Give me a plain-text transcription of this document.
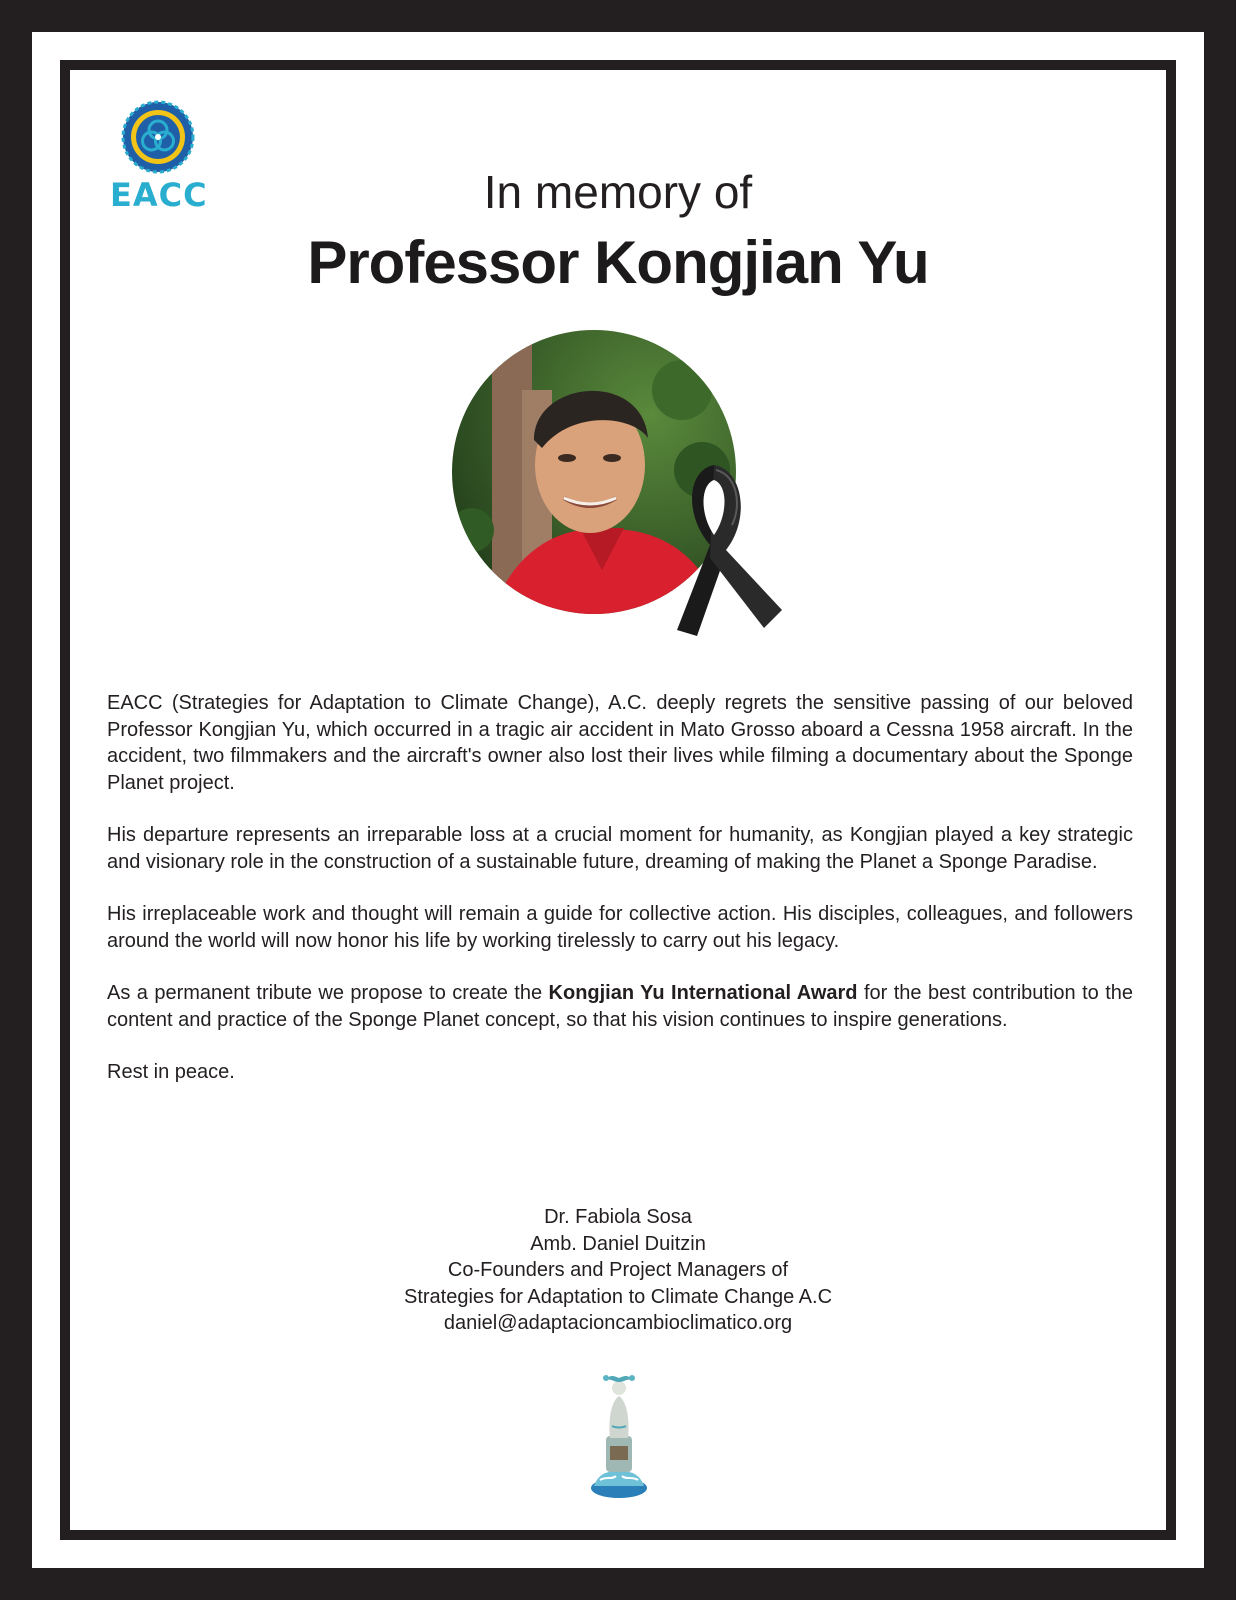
EACC	In memory of
Professor Kongjian Yu

EACC (Strategies for Adaptation to Climate Change), A.C. deeply regrets the sensitive passing of our beloved Professor Kongjian Yu, which occurred in a tragic air accident in Mato Grosso aboard a Cessna 1958 aircraft. In the accident, two filmmakers and the aircraft's owner also lost their lives while filming a documentary about the Sponge Planet project.

His departure represents an irreparable loss at a crucial moment for humanity, as Kongjian played a key strategic and visionary role in the construction of a sustainable future, dreaming of making the Planet a Sponge Paradise.

His irreplaceable work and thought will remain a guide for collective action. His disciples, colleagues, and followers around the world will now honor his life by working tirelessly to carry out his legacy.

As a permanent tribute we propose to create the Kongjian Yu International Award for the best contribution to the content and practice of the Sponge Planet concept, so that his vision continues to inspire generations.

Rest in peace.

Dr. Fabiola Sosa
Amb. Daniel Duitzin
Co-Founders and Project Managers of
Strategies for Adaptation to Climate Change A.C
daniel@adaptacioncambioclimatico.org
